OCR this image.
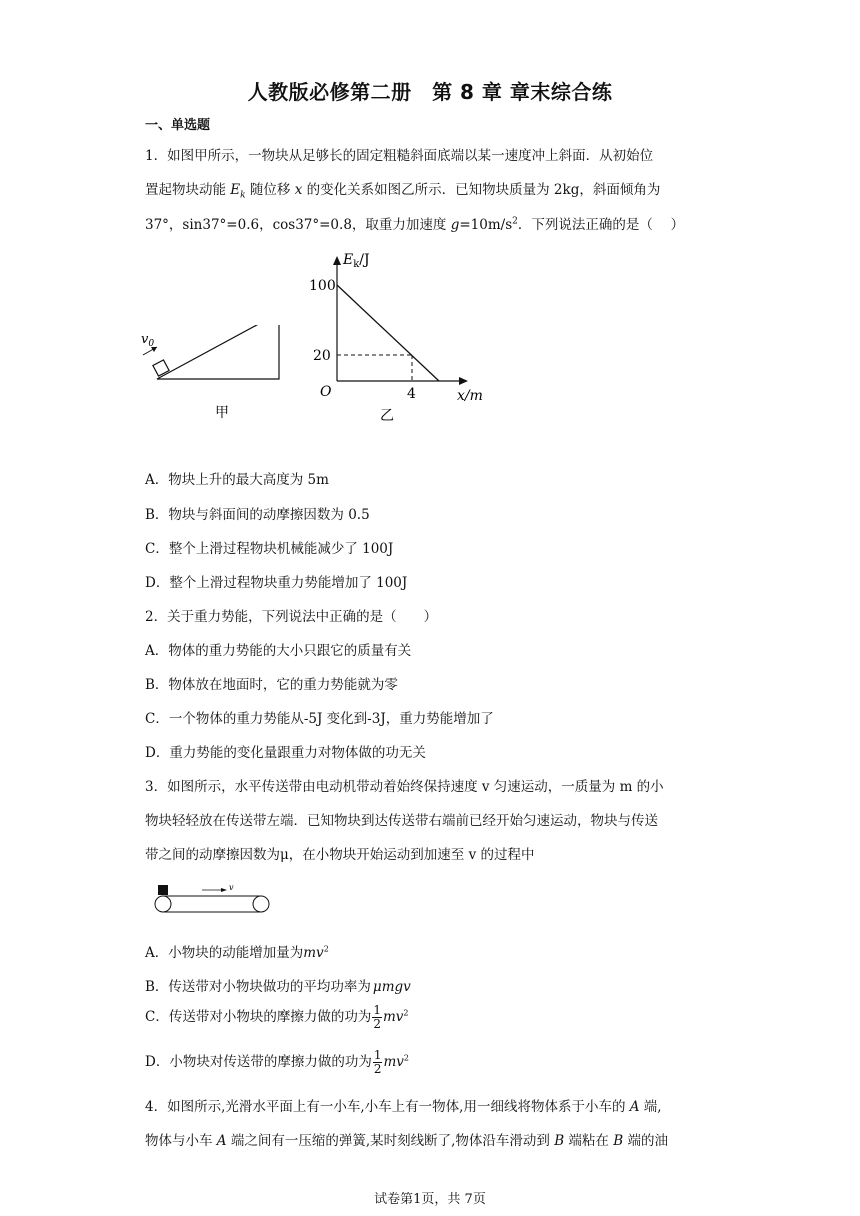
人教版必修第二册　第 8 章 章末综合练
一、单选题
1．如图甲所示，一物块从足够长的固定粗糙斜面底端以某一速度冲上斜面．从初始位
置起物块动能 $E_k$ 随位移 x 的变化关系如图乙所示．已知物块质量为 2kg，斜面倾角为
37°，sin37°=0.6，cos37°=0.8，取重力加速度 $g=10m/s^2$．下列说法正确的是（　 ）
$v_0$
甲
$E_k/J$
100
20
O	4	x/m
乙
A．物块上升的最大高度为 5m
B．物块与斜面间的动摩擦因数为 0.5
C．整个上滑过程物块机械能减少了 100J
D．整个上滑过程物块重力势能增加了 100J
2．关于重力势能，下列说法中正确的是（　　）
A．物体的重力势能的大小只跟它的质量有关
B．物体放在地面时，它的重力势能就为零
C．一个物体的重力势能从-5J 变化到-3J，重力势能增加了
D．重力势能的变化量跟重力对物体做的功无关
3．如图所示，水平传送带由电动机带动着始终保持速度 v 匀速运动，一质量为 m 的小
物块轻轻放在传送带左端．已知物块到达传送带右端前已经开始匀速运动，物块与传送
带之间的动摩擦因数为μ，在小物块开始运动到加速至 v 的过程中
v
A．小物块的动能增加量为$mv^2$
B．传送带对小物块做功的平均功率为 μmgv
C．传送带对小物块的摩擦力做的功为 $\frac{1}{2} mv^2$
D．小物块对传送带的摩擦力做的功为 $\frac{1}{2} mv^2$
4．如图所示,光滑水平面上有一小车,小车上有一物体,用一细线将物体系于小车的 A 端,
物体与小车 A 端之间有一压缩的弹簧,某时刻线断了,物体沿车滑动到 B 端粘在 B 端的油
试卷第1页，共 7页
